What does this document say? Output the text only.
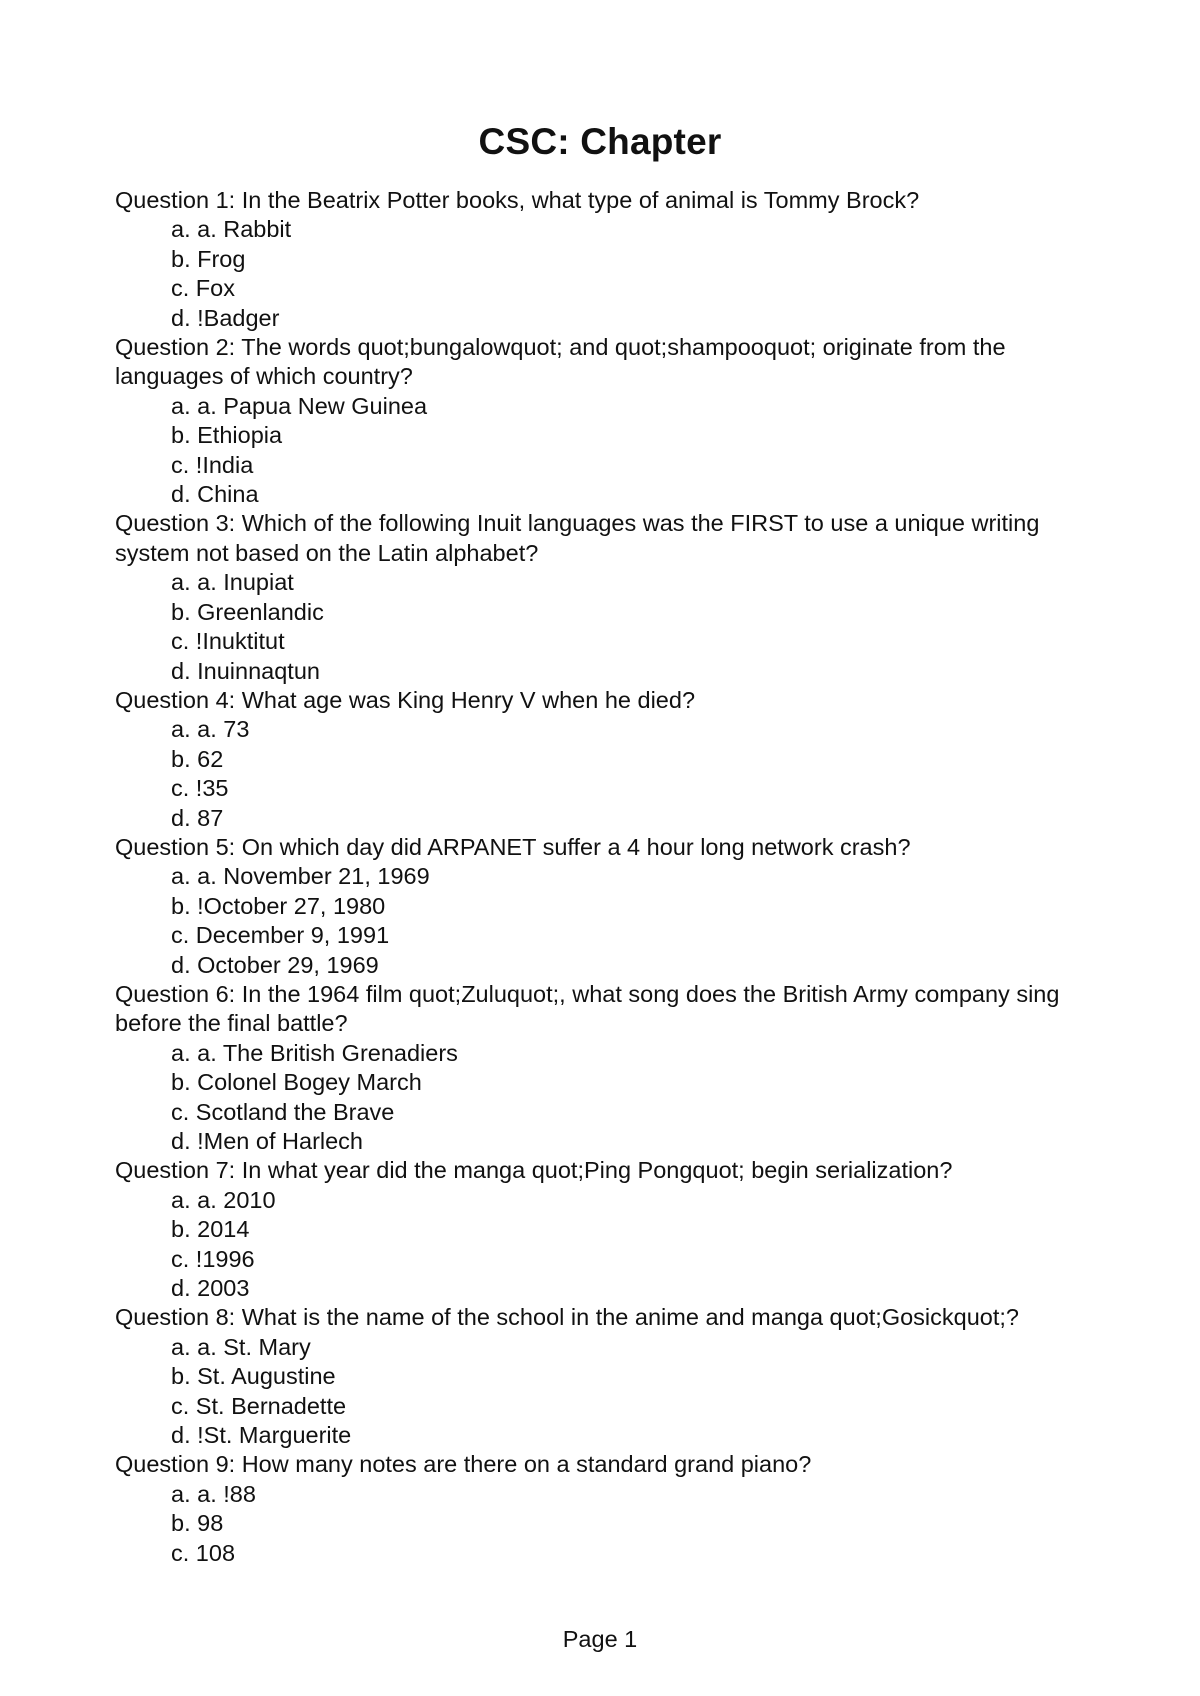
CSC: Chapter
Question 1: In the Beatrix Potter books, what type of animal is Tommy Brock?
a. a. Rabbit
b. Frog
c. Fox
d. !Badger
Question 2: The words quot;bungalowquot; and quot;shampooquot; originate from the languages of which country?
a. a. Papua New Guinea
b. Ethiopia
c. !India
d. China
Question 3: Which of the following Inuit languages was the FIRST to use a unique writing system not based on the Latin alphabet?
a. a. Inupiat
b. Greenlandic
c. !Inuktitut
d. Inuinnaqtun
Question 4: What age was King Henry V when he died?
a. a. 73
b. 62
c. !35
d. 87
Question 5: On which day did ARPANET suffer a 4 hour long network crash?
a. a. November 21, 1969
b. !October 27, 1980
c. December 9, 1991
d. October 29, 1969
Question 6: In the 1964 film quot;Zuluquot;, what song does the British Army company sing before the final battle?
a. a. The British Grenadiers
b. Colonel Bogey March
c. Scotland the Brave
d. !Men of Harlech
Question 7: In what year did the manga quot;Ping Pongquot; begin serialization?
a. a. 2010
b. 2014
c. !1996
d. 2003
Question 8: What is the name of the school in the anime and manga quot;Gosickquot;?
a. a. St. Mary
b. St. Augustine
c. St. Bernadette
d. !St. Marguerite
Question 9: How many notes are there on a standard grand piano?
a. a. !88
b. 98
c. 108
Page 1
